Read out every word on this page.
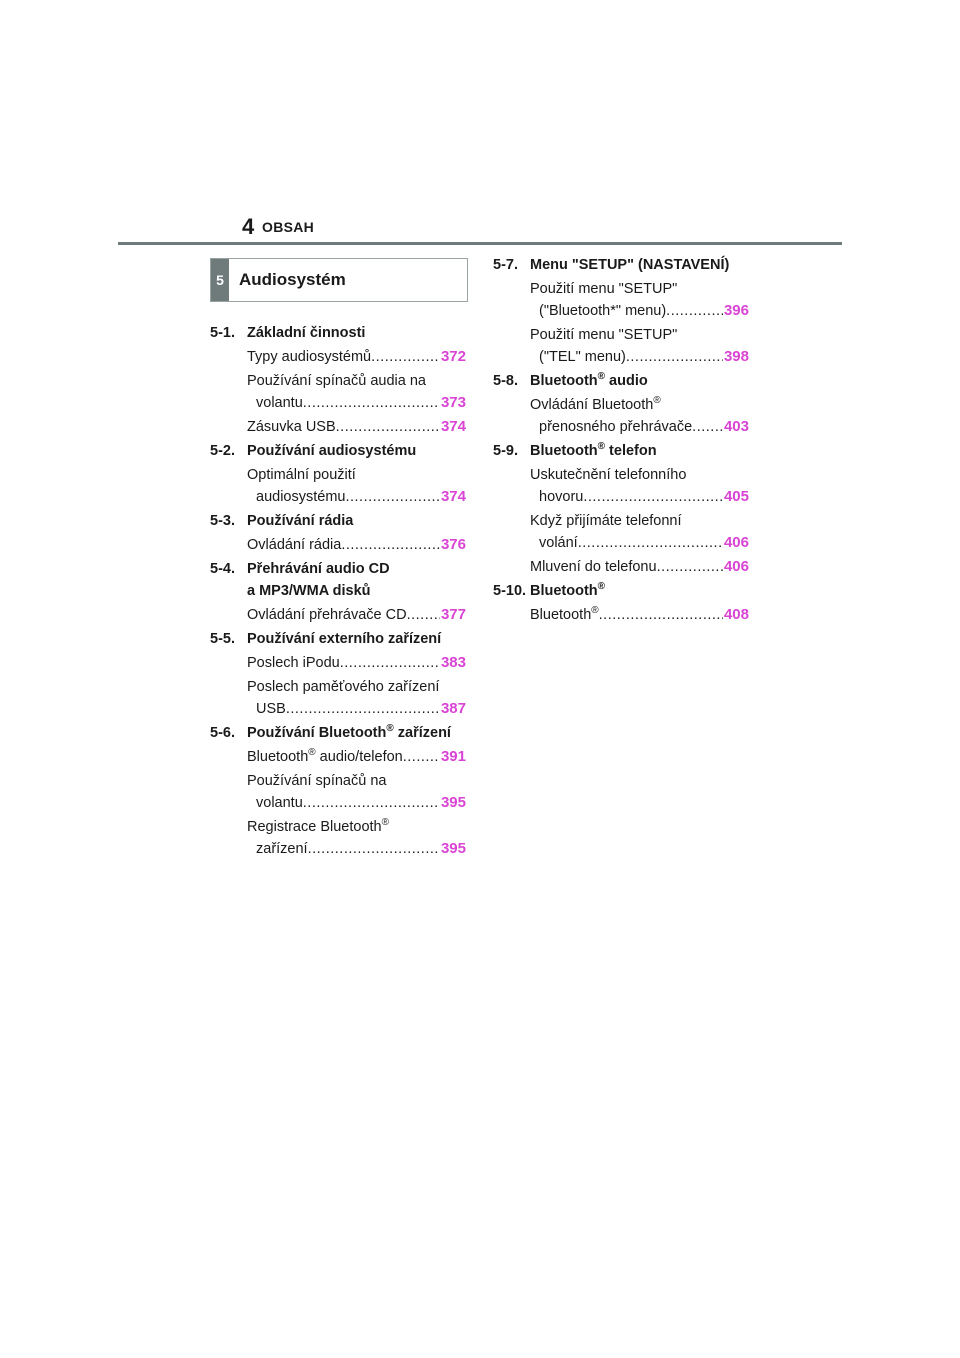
4 OBSAH
5 Audiosystém
5-1. Základní činnosti
Typy audiosystémů .....	372
Používání spínačů audia na
volantu .....	373
Zásuvka USB .....	374
5-2. Používání audiosystému
Optimální použití
audiosystému .....	374
5-3. Používání rádia
Ovládání rádia .....	376
5-4. Přehrávání audio CD
a MP3/WMA disků
Ovládání přehrávače CD ..... 377
5-5. Používání externího zařízení
Poslech iPodu .....	383
Poslech paměťového zařízení
USB .....	387
5-6. Používání Bluetooth® zařízení
Bluetooth® audio/telefon .....	391
Používání spínačů na
volantu .....	395
Registrace Bluetooth®
zařízení .....	395
5-7. Menu "SETUP" (NASTAVENÍ)
Použití menu "SETUP"
("Bluetooth*" menu) .....	396
Použití menu "SETUP"
("TEL" menu) .....	398
5-8. Bluetooth® audio
Ovládání Bluetooth®
přenosného přehrávače ..... 403
5-9. Bluetooth® telefon
Uskutečnění telefonního
hovoru .....	405
Když přijímáte telefonní
volání .....	406
Mluvení do telefonu .....	406
5-10. Bluetooth®
Bluetooth® .....	408
